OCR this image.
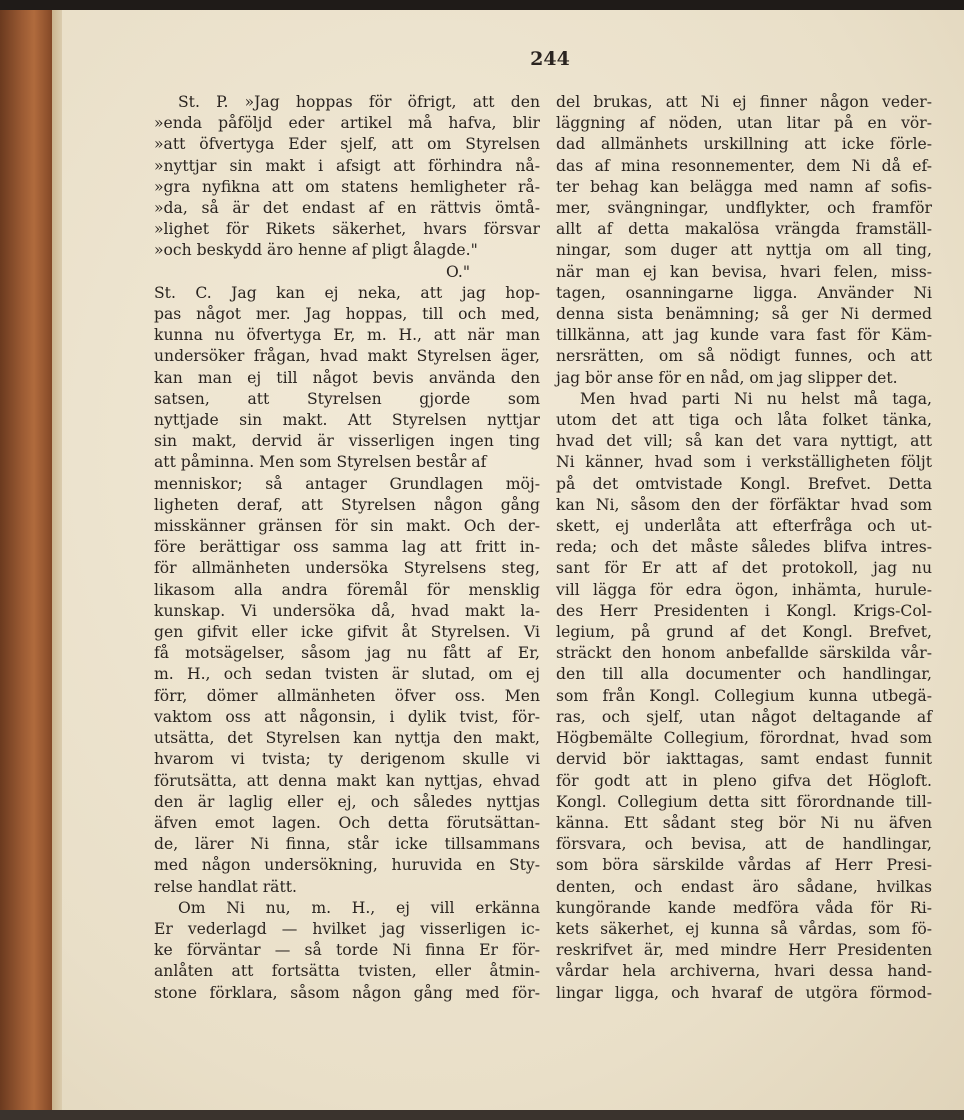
244
St. P. »Jag hoppas för öfrigt, att den
»enda påföljd eder artikel må hafva, blir
»att öfvertyga Eder sjelf, att om Styrelsen
»nyttjar sin makt i afsigt att förhindra nå-
»gra nyfikna att om statens hemligheter rå-
»da, så är det endast af en rättvis ömtå-
»lighet för Rikets säkerhet, hvars försvar
»och beskydd äro henne af pligt ålagde."
O."
St. C. Jag kan ej neka, att jag hop-
pas något mer. Jag hoppas, till och med,
kunna nu öfvertyga Er, m. H., att när man
undersöker frågan, hvad makt Styrelsen äger,
kan man ej till något bevis använda den
satsen, att Styrelsen gjorde som
nyttjade sin makt. Att Styrelsen nyttjar
sin makt, dervid är visserligen ingen ting
att påminna. Men som Styrelsen består af
menniskor; så antager Grundlagen möj-
ligheten deraf, att Styrelsen någon gång
misskänner gränsen för sin makt. Och der-
före berättigar oss samma lag att fritt in-
för allmänheten undersöka Styrelsens steg,
likasom alla andra föremål för mensklig
kunskap. Vi undersöka då, hvad makt la-
gen gifvit eller icke gifvit åt Styrelsen. Vi
få motsägelser, såsom jag nu fått af Er,
m. H., och sedan tvisten är slutad, om ej
förr, dömer allmänheten öfver oss. Men
vaktom oss att någonsin, i dylik tvist, för-
utsätta, det Styrelsen kan nyttja den makt,
hvarom vi tvista; ty derigenom skulle vi
förutsätta, att denna makt kan nyttjas, ehvad
den är laglig eller ej, och således nyttjas
äfven emot lagen. Och detta förutsättan-
de, lärer Ni finna, står icke tillsammans
med någon undersökning, huruvida en Sty-
relse handlat rätt.
Om Ni nu, m. H., ej vill erkänna
Er vederlagd — hvilket jag visserligen ic-
ke förväntar — så torde Ni finna Er för-
anlåten att fortsätta tvisten, eller åtmin-
stone förklara, såsom någon gång med för-
del brukas, att Ni ej finner någon veder-
läggning af nöden, utan litar på en vör-
dad allmänhets urskillning att icke förle-
das af mina resonnementer, dem Ni då ef-
ter behag kan belägga med namn af sofis-
mer, svängningar, undflykter, och framför
allt af detta makalösa vrängda framställ-
ningar, som duger att nyttja om all ting,
när man ej kan bevisa, hvari felen, miss-
tagen, osanningarne ligga. Använder Ni
denna sista benämning; så ger Ni dermed
tillkänna, att jag kunde vara fast för Käm-
nersrätten, om så nödigt funnes, och att
jag bör anse för en nåd, om jag slipper det.
Men hvad parti Ni nu helst må taga,
utom det att tiga och låta folket tänka,
hvad det vill; så kan det vara nyttigt, att
Ni känner, hvad som i verkställigheten följt
på det omtvistade Kongl. Brefvet. Detta
kan Ni, såsom den der förfäktar hvad som
skett, ej underlåta att efterfråga och ut-
reda; och det måste således blifva intres-
sant för Er att af det protokoll, jag nu
vill lägga för edra ögon, inhämta, hurule-
des Herr Presidenten i Kongl. Krigs-Col-
legium, på grund af det Kongl. Brefvet,
sträckt den honom anbefallde särskilda vår-
den till alla documenter och handlingar,
som från Kongl. Collegium kunna utbegä-
ras, och sjelf, utan något deltagande af
Högbemälte Collegium, förordnat, hvad som
dervid bör iakttagas, samt endast funnit
för godt att in pleno gifva det Högloft.
Kongl. Collegium detta sitt förordnande till-
känna. Ett sådant steg bör Ni nu äfven
försvara, och bevisa, att de handlingar,
som böra särskilde vårdas af Herr Presi-
denten, och endast äro sådane, hvilkas
kungörande kande medföra våda för Ri-
kets säkerhet, ej kunna så vårdas, som fö-
reskrifvet är, med mindre Herr Presidenten
vårdar hela archiverna, hvari dessa hand-
lingar ligga, och hvaraf de utgöra förmod-
